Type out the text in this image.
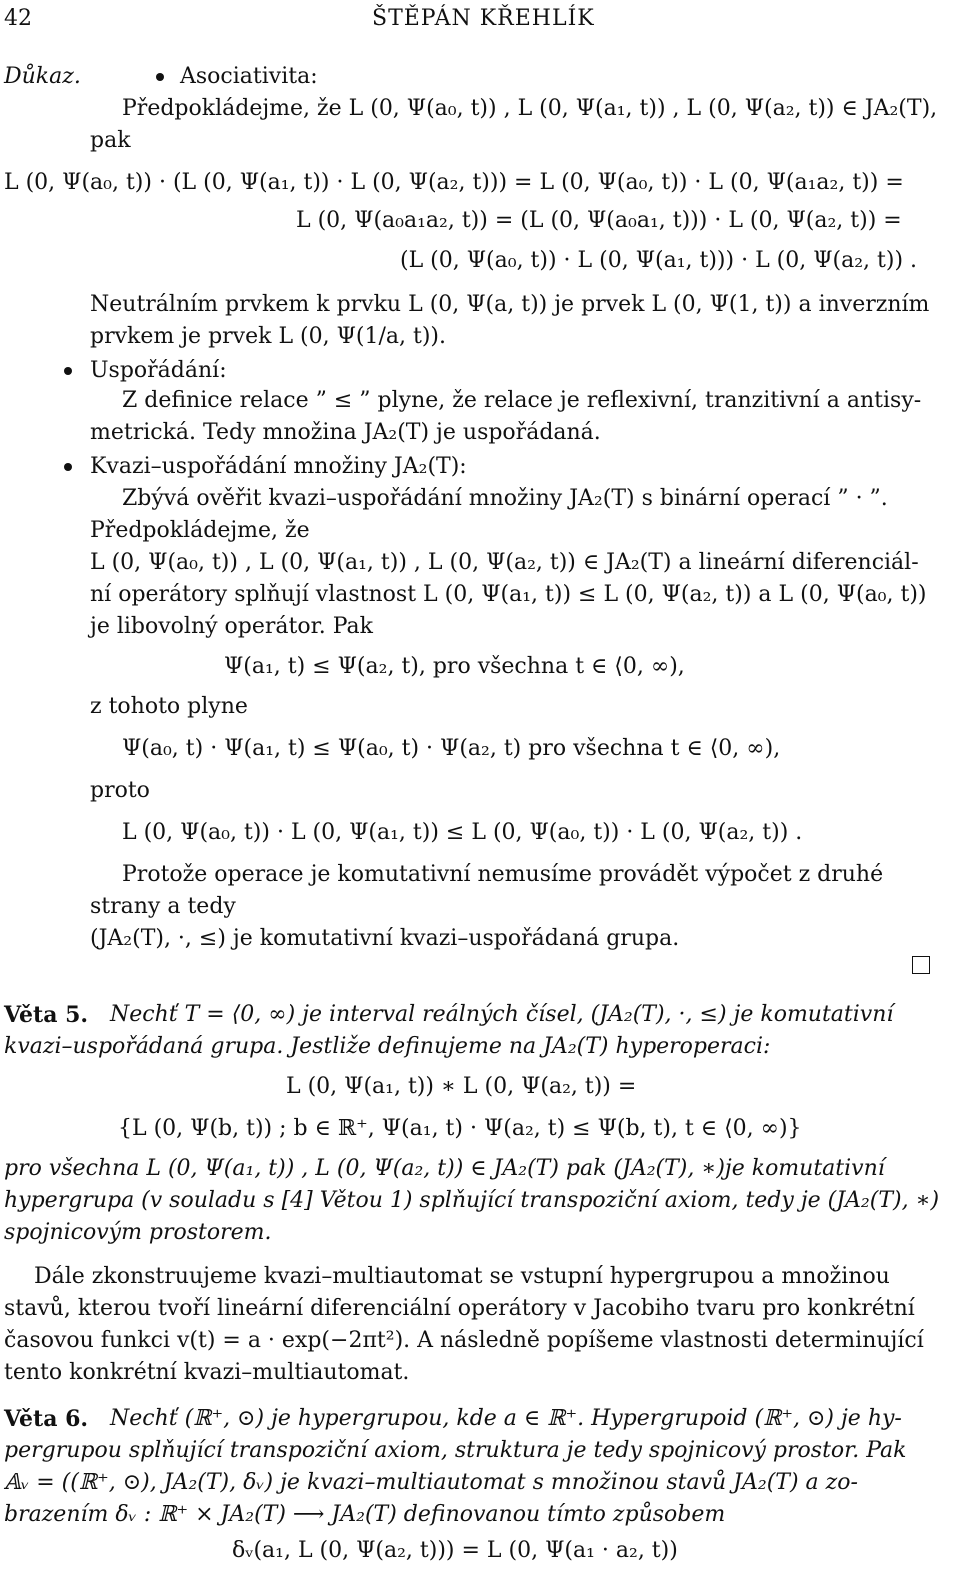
42	ŠTĚPÁN KŘEHLÍK
Důkaz.	Asociativita:
Předpokládejme, že L (0, Ψ(a₀, t)) , L (0, Ψ(a₁, t)) , L (0, Ψ(a₂, t)) ∈ JA₂(T),
pak
L (0, Ψ(a₀, t)) · (L (0, Ψ(a₁, t)) · L (0, Ψ(a₂, t))) = L (0, Ψ(a₀, t)) · L (0, Ψ(a₁a₂, t)) =
L (0, Ψ(a₀a₁a₂, t)) = (L (0, Ψ(a₀a₁, t))) · L (0, Ψ(a₂, t)) =
(L (0, Ψ(a₀, t)) · L (0, Ψ(a₁, t))) · L (0, Ψ(a₂, t)) .
Neutrálním prvkem k prvku L (0, Ψ(a, t)) je prvek L (0, Ψ(1, t)) a inverzním
prvkem je prvek L (0, Ψ(1/a, t)).
Uspořádání:
Z definice relace ” ≤ ” plyne, že relace je reflexivní, tranzitivní a antisy-
metrická. Tedy množina JA₂(T) je uspořádaná.
Kvazi–uspořádání množiny JA₂(T):
Zbývá ověřit kvazi–uspořádání množiny JA₂(T) s binární operací ” · ”.
Předpokládejme, že
L (0, Ψ(a₀, t)) , L (0, Ψ(a₁, t)) , L (0, Ψ(a₂, t)) ∈ JA₂(T) a lineární diferenciál-
ní operátory splňují vlastnost L (0, Ψ(a₁, t)) ≤ L (0, Ψ(a₂, t)) a L (0, Ψ(a₀, t))
je libovolný operátor. Pak
Ψ(a₁, t) ≤ Ψ(a₂, t), pro všechna t ∈ ⟨0, ∞),
z tohoto plyne
Ψ(a₀, t) · Ψ(a₁, t) ≤ Ψ(a₀, t) · Ψ(a₂, t) pro všechna t ∈ ⟨0, ∞),
proto
L (0, Ψ(a₀, t)) · L (0, Ψ(a₁, t)) ≤ L (0, Ψ(a₀, t)) · L (0, Ψ(a₂, t)) .
Protože operace je komutativní nemusíme provádět výpočet z druhé
strany a tedy
(JA₂(T), ·, ≤) je komutativní kvazi–uspořádaná grupa.
Věta 5. Nechť T = ⟨0, ∞) je interval reálných čísel, (JA₂(T), ·, ≤) je komutativní
kvazi–uspořádaná grupa. Jestliže definujeme na JA₂(T) hyperoperaci:
L (0, Ψ(a₁, t)) ∗ L (0, Ψ(a₂, t)) =
{L (0, Ψ(b, t)) ; b ∈ ℝ⁺, Ψ(a₁, t) · Ψ(a₂, t) ≤ Ψ(b, t), t ∈ ⟨0, ∞)}
pro všechna L (0, Ψ(a₁, t)) , L (0, Ψ(a₂, t)) ∈ JA₂(T) pak (JA₂(T), ∗)je komutativní
hypergrupa (v souladu s [4] Větou 1) splňující transpoziční axiom, tedy je (JA₂(T), ∗)
spojnicovým prostorem.
Dále zkonstruujeme kvazi–multiautomat se vstupní hypergrupou a množinou
stavů, kterou tvoří lineární diferenciální operátory v Jacobiho tvaru pro konkrétní
časovou funkci v(t) = a · exp(−2πt²). A následně popíšeme vlastnosti determinující
tento konkrétní kvazi–multiautomat.
Věta 6. Nechť (ℝ⁺, ⊙) je hypergrupou, kde a ∈ ℝ⁺. Hypergrupoid (ℝ⁺, ⊙) je hy-
pergrupou splňující transpoziční axiom, struktura je tedy spojnicový prostor. Pak
𝔸ᵥ = ((ℝ⁺, ⊙), JA₂(T), δᵥ) je kvazi–multiautomat s množinou stavů JA₂(T) a zo-
brazením δᵥ : ℝ⁺ × JA₂(T) ⟶ JA₂(T) definovanou tímto způsobem
δᵥ(a₁, L (0, Ψ(a₂, t))) = L (0, Ψ(a₁ · a₂, t))
